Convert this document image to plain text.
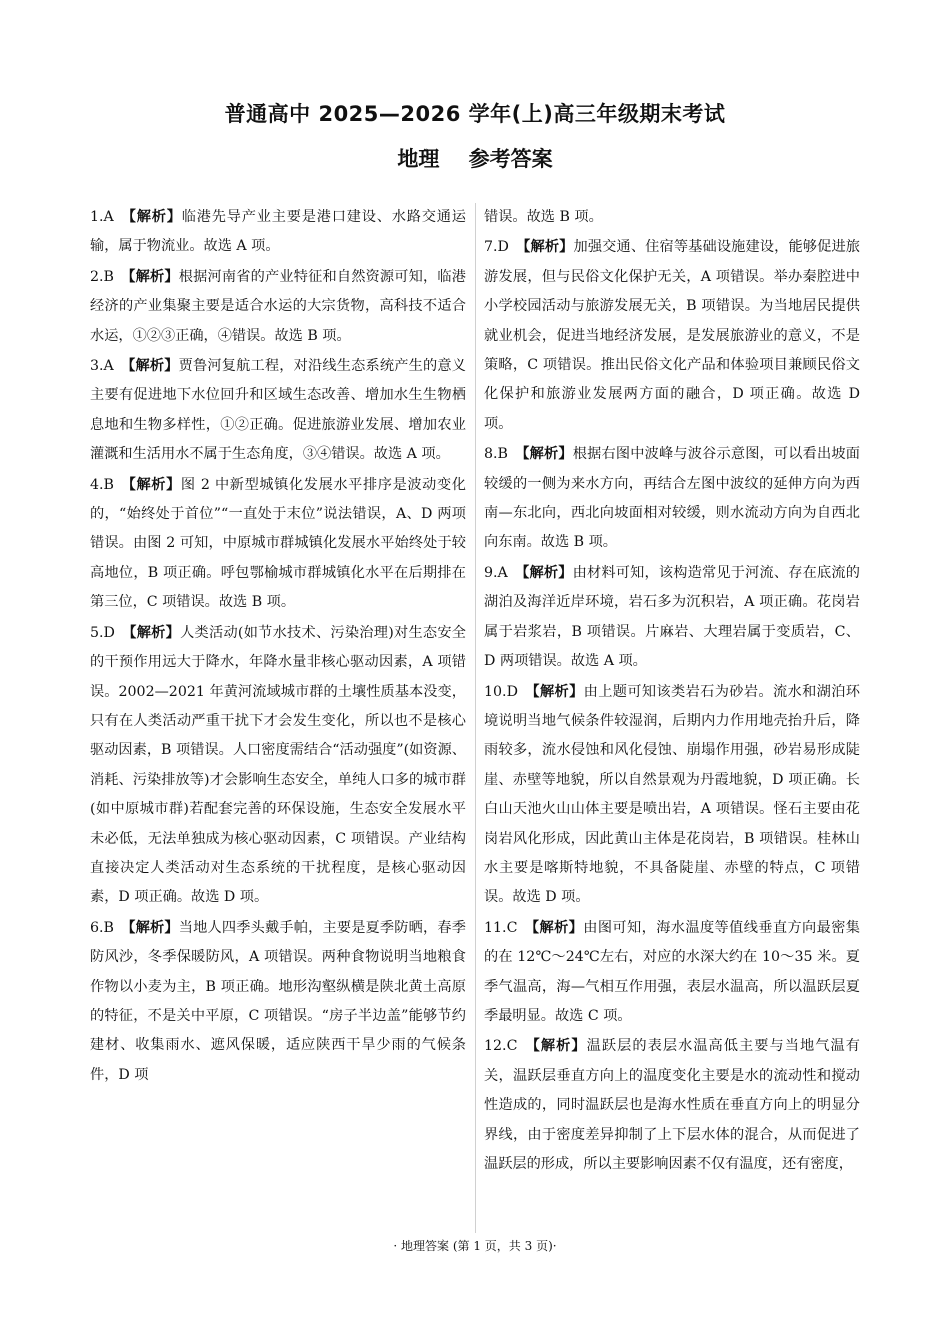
普通高中 2025—2026 学年(上)高三年级期末考试
地理    参考答案

1.A  【解析】临港先导产业主要是港口建设、水路交通运输，属于物流业。故选 A 项。

2.B  【解析】根据河南省的产业特征和自然资源可知，临港经济的产业集聚主要是适合水运的大宗货物，高科技不适合水运，①②③正确，④错误。故选 B 项。

3.A  【解析】贾鲁河复航工程，对沿线生态系统产生的意义主要有促进地下水位回升和区域生态改善、增加水生生物栖息地和生物多样性，①②正确。促进旅游业发展、增加农业灌溉和生活用水不属于生态角度，③④错误。故选 A 项。

4.B  【解析】图 2 中新型城镇化发展水平排序是波动变化的，“始终处于首位”“一直处于末位”说法错误，A、D 两项错误。由图 2 可知，中原城市群城镇化发展水平始终处于较高地位，B 项正确。呼包鄂榆城市群城镇化水平在后期排在第三位，C 项错误。故选 B 项。

5.D  【解析】人类活动(如节水技术、污染治理)对生态安全的干预作用远大于降水，年降水量非核心驱动因素，A 项错误。2002—2021 年黄河流域城市群的土壤性质基本没变，只有在人类活动严重干扰下才会发生变化，所以也不是核心驱动因素，B 项错误。人口密度需结合“活动强度”(如资源、消耗、污染排放等)才会影响生态安全，单纯人口多的城市群(如中原城市群)若配套完善的环保设施，生态安全发展水平未必低，无法单独成为核心驱动因素，C 项错误。产业结构直接决定人类活动对生态系统的干扰程度，是核心驱动因素，D 项正确。故选 D 项。

6.B  【解析】当地人四季头戴手帕，主要是夏季防晒，春季防风沙，冬季保暖防风，A 项错误。两种食物说明当地粮食作物以小麦为主，B 项正确。地形沟壑纵横是陕北黄土高原的特征，不是关中平原，C 项错误。“房子半边盖”能够节约建材、收集雨水、遮风保暖，适应陕西干旱少雨的气候条件，D 项

错误。故选 B 项。

7.D  【解析】加强交通、住宿等基础设施建设，能够促进旅游发展，但与民俗文化保护无关，A 项错误。举办秦腔进中小学校园活动与旅游发展无关，B 项错误。为当地居民提供就业机会，促进当地经济发展，是发展旅游业的意义，不是策略，C 项错误。推出民俗文化产品和体验项目兼顾民俗文化保护和旅游业发展两方面的融合，D 项正确。故选 D 项。

8.B  【解析】根据右图中波峰与波谷示意图，可以看出坡面较缓的一侧为来水方向，再结合左图中波纹的延伸方向为西南—东北向，西北向坡面相对较缓，则水流动方向为自西北向东南。故选 B 项。

9.A  【解析】由材料可知，该构造常见于河流、存在底流的湖泊及海洋近岸环境，岩石多为沉积岩，A 项正确。花岗岩属于岩浆岩，B 项错误。片麻岩、大理岩属于变质岩，C、D 两项错误。故选 A 项。

10.D  【解析】由上题可知该类岩石为砂岩。流水和湖泊环境说明当地气候条件较湿润，后期内力作用地壳抬升后，降雨较多，流水侵蚀和风化侵蚀、崩塌作用强，砂岩易形成陡崖、赤壁等地貌，所以自然景观为丹霞地貌，D 项正确。长白山天池火山山体主要是喷出岩，A 项错误。怪石主要由花岗岩风化形成，因此黄山主体是花岗岩，B 项错误。桂林山水主要是喀斯特地貌，不具备陡崖、赤壁的特点，C 项错误。故选 D 项。

11.C  【解析】由图可知，海水温度等值线垂直方向最密集的在 12℃～24℃左右，对应的水深大约在 10～35 米。夏季气温高，海—气相互作用强，表层水温高，所以温跃层夏季最明显。故选 C 项。

12.C  【解析】温跃层的表层水温高低主要与当地气温有关，温跃层垂直方向上的温度变化主要是水的流动性和搅动性造成的，同时温跃层也是海水性质在垂直方向上的明显分界线，由于密度差异抑制了上下层水体的混合，从而促进了温跃层的形成，所以主要影响因素不仅有温度，还有密度，

· 地理答案 (第 1 页，共 3 页)·
